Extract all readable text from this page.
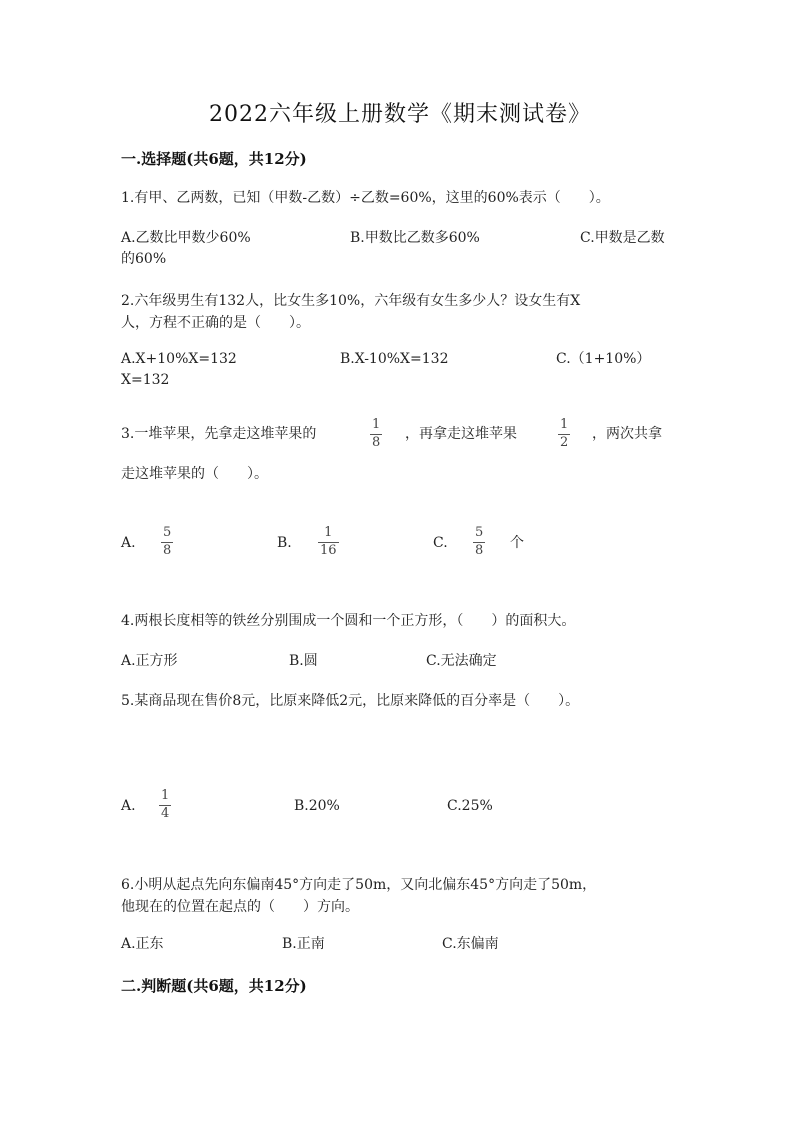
2022六年级上册数学《期末测试卷》
一.选择题(共6题，共12分)
1.有甲、乙两数，已知（甲数-乙数）÷乙数=60%，这里的60%表示（　　）。
A.乙数比甲数少60%	B.甲数比乙数多60%	C.甲数是乙数
的60%
2.六年级男生有132人，比女生多10%，六年级有女生多少人？设女生有X
人，方程不正确的是（　　）。
A.X+10%X=132	B.X-10%X=132	C.（1+10%）
X=132
3.一堆苹果，先拿走这堆苹果的
1
8
，再拿走这堆苹果
1
2
，两次共拿
走这堆苹果的（　　）。
A.
5
8	B.
1
16	C.
5
8 个
4.两根长度相等的铁丝分别围成一个圆和一个正方形，（　　）的面积大。
A.正方形	B.圆	C.无法确定
5.某商品现在售价8元，比原来降低2元，比原来降低的百分率是（　　）。
A.
1
4	B.20%	C.25%
6.小明从起点先向东偏南45°方向走了50m，又向北偏东45°方向走了50m，
他现在的位置在起点的（　　）方向。
A.正东	B.正南	C.东偏南
二.判断题(共6题，共12分)
